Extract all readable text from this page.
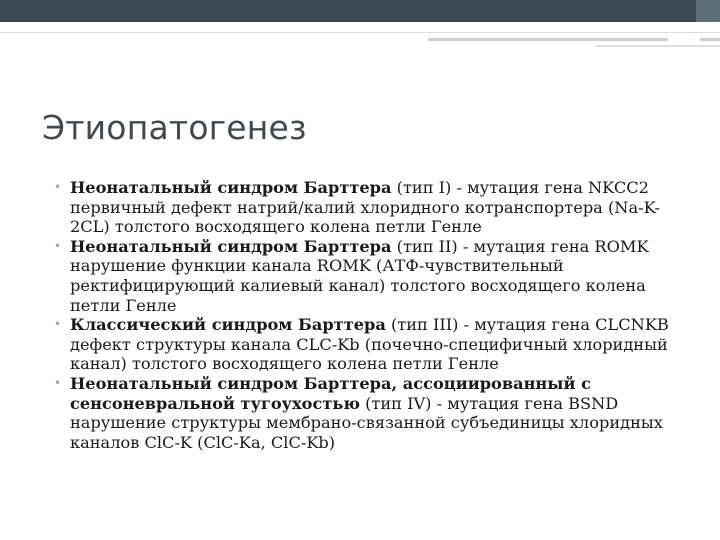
Этиопатогенез
• Неонатальный синдром Барттера (тип I) - мутация гена NKCC2 первичный дефект натрий/калий хлоридного котранспортера (Na-K-2CL) толстого восходящего колена петли Генле
• Неонатальный синдром Барттера (тип II) - мутация гена ROMK нарушение функции канала ROMK (АТФ-чувствительный ректифицирующий калиевый канал) толстого восходящего колена петли Генле
• Классический синдром Барттера (тип III) - мутация гена CLCNKB дефект структуры канала CLC-Kb (почечно-специфичный хлоридный канал) толстого восходящего колена петли Генле
• Неонатальный синдром Барттера, ассоциированный с сенсоневральной тугоухостью (тип IV) - мутация гена BSND нарушение структуры мембрано-связанной субъединицы хлоридных каналов ClC-K (ClC-Ka, ClC-Kb)
